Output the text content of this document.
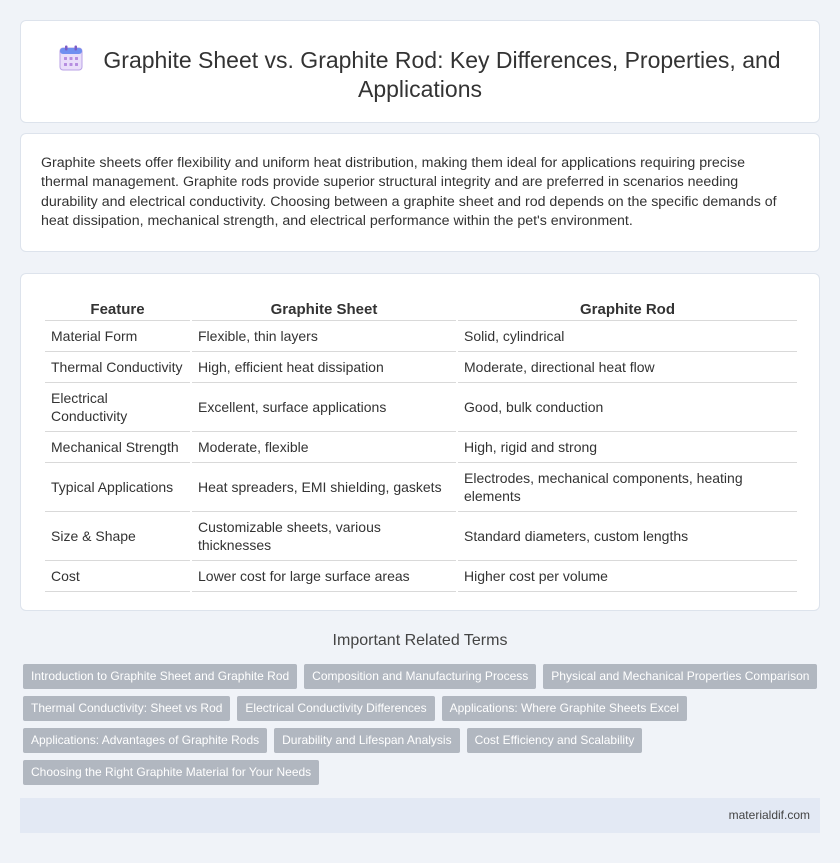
Graphite Sheet vs. Graphite Rod: Key Differences, Properties, and Applications

Graphite sheets offer flexibility and uniform heat distribution, making them ideal for applications requiring precise thermal management. Graphite rods provide superior structural integrity and are preferred in scenarios needing durability and electrical conductivity. Choosing between a graphite sheet and rod depends on the specific demands of heat dissipation, mechanical strength, and electrical performance within the pet's environment.

Feature	Graphite Sheet	Graphite Rod
Material Form	Flexible, thin layers	Solid, cylindrical
Thermal Conductivity	High, efficient heat dissipation	Moderate, directional heat flow
Electrical Conductivity	Excellent, surface applications	Good, bulk conduction
Mechanical Strength	Moderate, flexible	High, rigid and strong
Typical Applications	Heat spreaders, EMI shielding, gaskets	Electrodes, mechanical components, heating elements
Size & Shape	Customizable sheets, various thicknesses	Standard diameters, custom lengths
Cost	Lower cost for large surface areas	Higher cost per volume
Important Related Terms
Introduction to Graphite Sheet and Graphite Rod	Composition and Manufacturing Process	Physical and Mechanical Properties Comparison
Thermal Conductivity: Sheet vs Rod	Electrical Conductivity Differences	Applications: Where Graphite Sheets Excel
Applications: Advantages of Graphite Rods	Durability and Lifespan Analysis	Cost Efficiency and Scalability
Choosing the Right Graphite Material for Your Needs
materialdif.com
